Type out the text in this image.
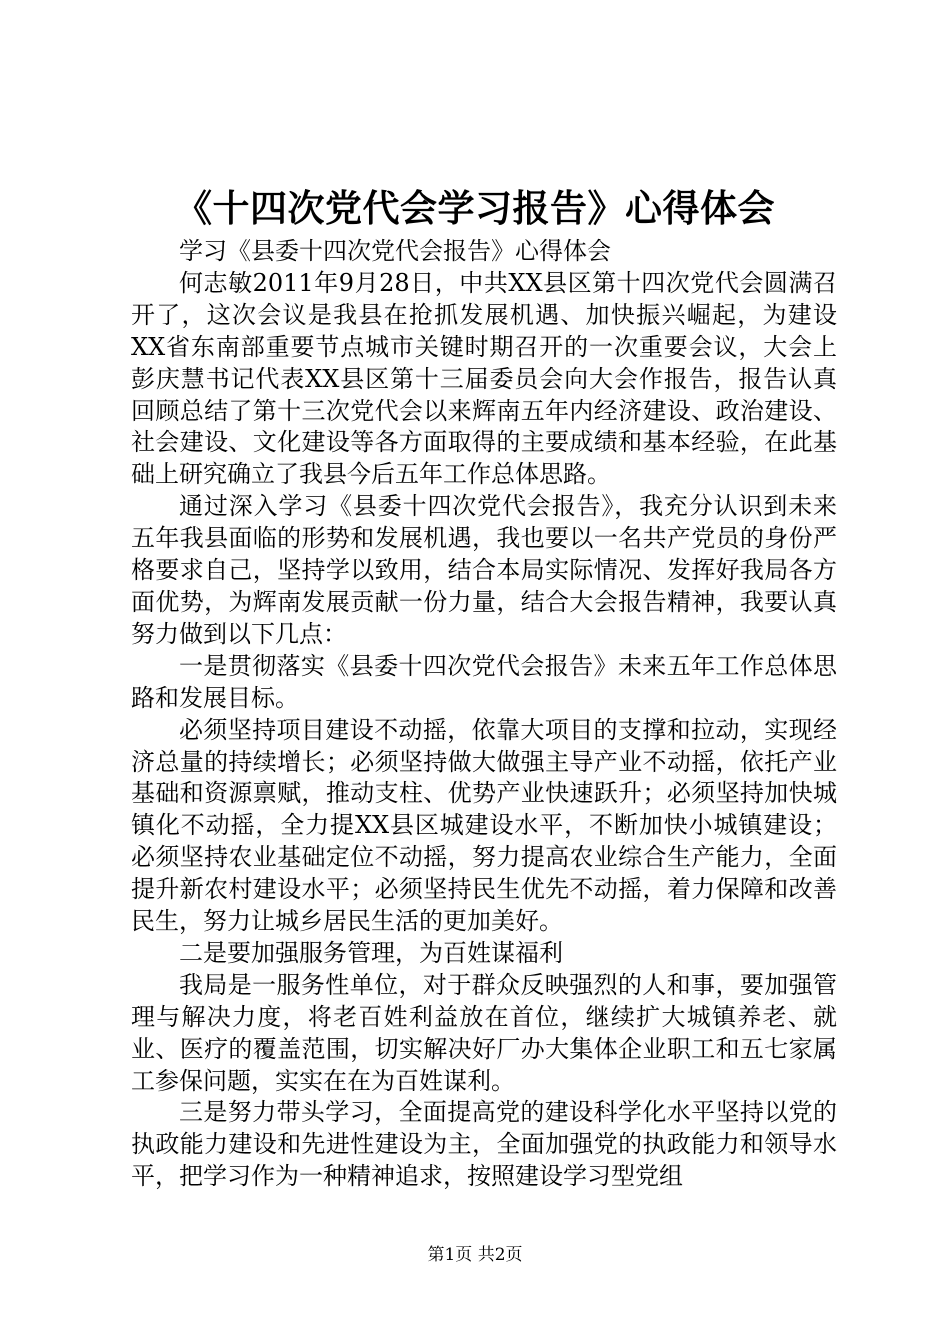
《十四次党代会学习报告》心得体会

学习《县委十四次党代会报告》心得体会

何志敏2011年9月28日，中共XX县区第十四次党代会圆满召开了，这次会议是我县在抢抓发展机遇、加快振兴崛起，为建设XX省东南部重要节点城市关键时期召开的一次重要会议，大会上彭庆慧书记代表XX县区第十三届委员会向大会作报告，报告认真回顾总结了第十三次党代会以来辉南五年内经济建设、政治建设、社会建设、文化建设等各方面取得的主要成绩和基本经验，在此基础上研究确立了我县今后五年工作总体思路。

通过深入学习《县委十四次党代会报告》，我充分认识到未来五年我县面临的形势和发展机遇，我也要以一名共产党员的身份严格要求自己，坚持学以致用，结合本局实际情况、发挥好我局各方面优势，为辉南发展贡献一份力量，结合大会报告精神，我要认真努力做到以下几点：

一是贯彻落实《县委十四次党代会报告》未来五年工作总体思路和发展目标。

必须坚持项目建设不动摇，依靠大项目的支撑和拉动，实现经济总量的持续增长；必须坚持做大做强主导产业不动摇，依托产业基础和资源禀赋，推动支柱、优势产业快速跃升；必须坚持加快城镇化不动摇，全力提XX县区城建设水平，不断加快小城镇建设；必须坚持农业基础定位不动摇，努力提高农业综合生产能力，全面提升新农村建设水平；必须坚持民生优先不动摇，着力保障和改善民生，努力让城乡居民生活的更加美好。

二是要加强服务管理，为百姓谋福利

我局是一服务性单位，对于群众反映强烈的人和事，要加强管理与解决力度，将老百姓利益放在首位，继续扩大城镇养老、就业、医疗的覆盖范围，切实解决好厂办大集体企业职工和五七家属工参保问题，实实在在为百姓谋利。

三是努力带头学习，全面提高党的建设科学化水平坚持以党的执政能力建设和先进性建设为主，全面加强党的执政能力和领导水平，把学习作为一种精神追求，按照建设学习型党组

第1页 共2页
